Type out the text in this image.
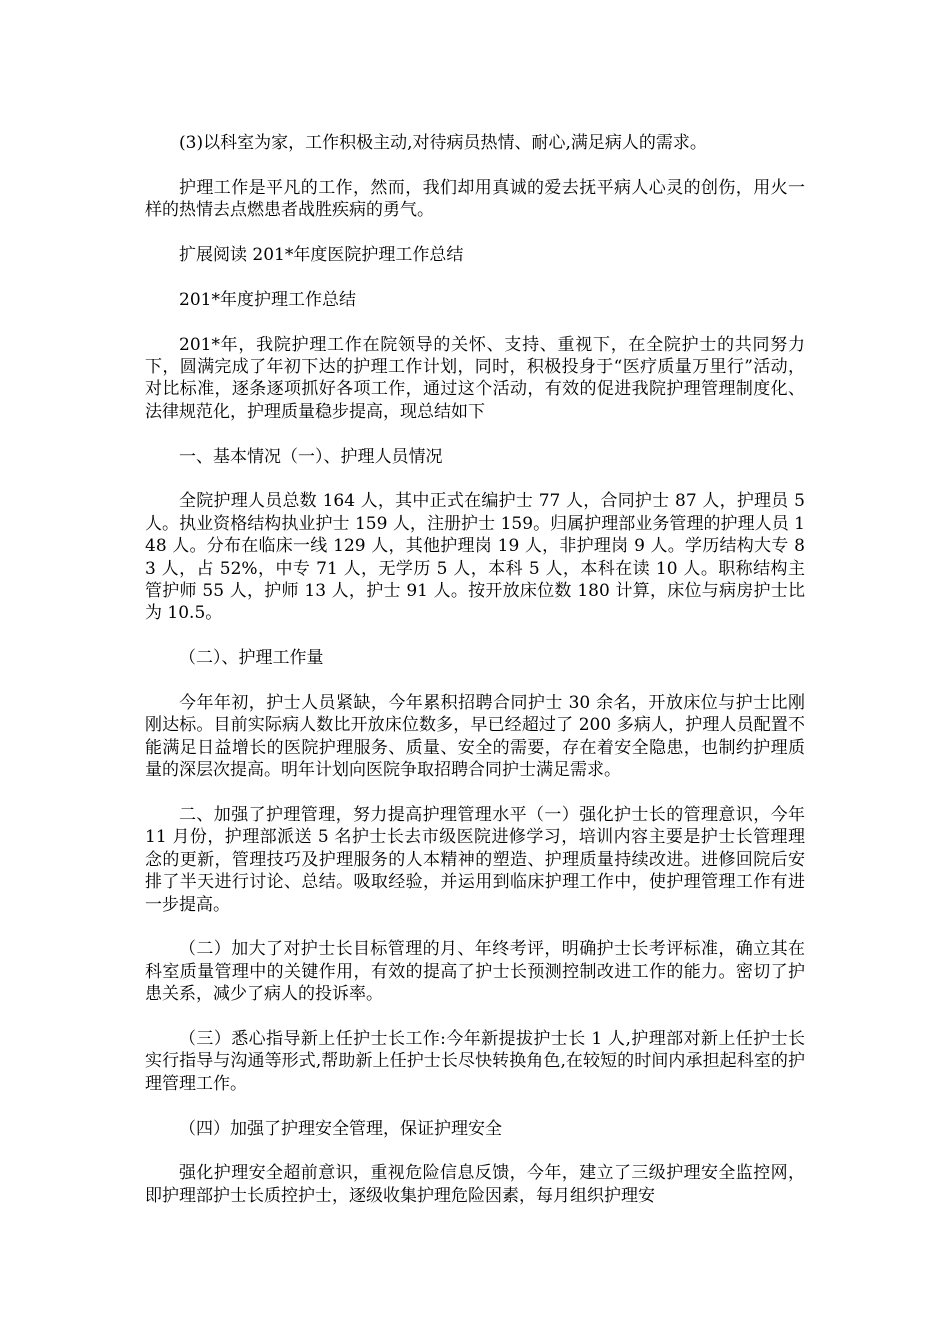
(3)以科室为家，工作积极主动,对待病员热情、耐心,满足病人的需求。

护理工作是平凡的工作，然而，我们却用真诚的爱去抚平病人心灵的创伤，用火一样的热情去点燃患者战胜疾病的勇气。

扩展阅读 201*年度医院护理工作总结

201*年度护理工作总结

201*年，我院护理工作在院领导的关怀、支持、重视下，在全院护士的共同努力下，圆满完成了年初下达的护理工作计划，同时，积极投身于“医疗质量万里行”活动，对比标准，逐条逐项抓好各项工作，通过这个活动，有效的促进我院护理管理制度化、法律规范化，护理质量稳步提高，现总结如下

一、基本情况（一）、护理人员情况

全院护理人员总数 164 人，其中正式在编护士 77 人，合同护士 87 人，护理员 5 人。执业资格结构执业护士 159 人，注册护士 159。归属护理部业务管理的护理人员 148 人。分布在临床一线 129 人，其他护理岗 19 人，非护理岗 9 人。学历结构大专 83 人，占 52%，中专 71 人，无学历 5 人，本科 5 人，本科在读 10 人。职称结构主管护师 55 人，护师 13 人，护士 91 人。按开放床位数 180 计算，床位与病房护士比为 10.5。

（二）、护理工作量

今年年初，护士人员紧缺，今年累积招聘合同护士 30 余名，开放床位与护士比刚刚达标。目前实际病人数比开放床位数多，早已经超过了 200 多病人，护理人员配置不能满足日益增长的医院护理服务、质量、安全的需要，存在着安全隐患，也制约护理质量的深层次提高。明年计划向医院争取招聘合同护士满足需求。

二、加强了护理管理，努力提高护理管理水平（一）强化护士长的管理意识，今年 11 月份，护理部派送 5 名护士长去市级医院进修学习，培训内容主要是护士长管理理念的更新，管理技巧及护理服务的人本精神的塑造、护理质量持续改进。进修回院后安排了半天进行讨论、总结。吸取经验，并运用到临床护理工作中，使护理管理工作有进一步提高。

（二）加大了对护士长目标管理的月、年终考评，明确护士长考评标准，确立其在科室质量管理中的关键作用，有效的提高了护士长预测控制改进工作的能力。密切了护患关系，减少了病人的投诉率。

（三）悉心指导新上任护士长工作:今年新提拔护士长 1 人,护理部对新上任护士长实行指导与沟通等形式,帮助新上任护士长尽快转换角色,在较短的时间内承担起科室的护理管理工作。

（四）加强了护理安全管理，保证护理安全

强化护理安全超前意识，重视危险信息反馈，今年，建立了三级护理安全监控网，即护理部护士长质控护士，逐级收集护理危险因素，每月组织护理安
